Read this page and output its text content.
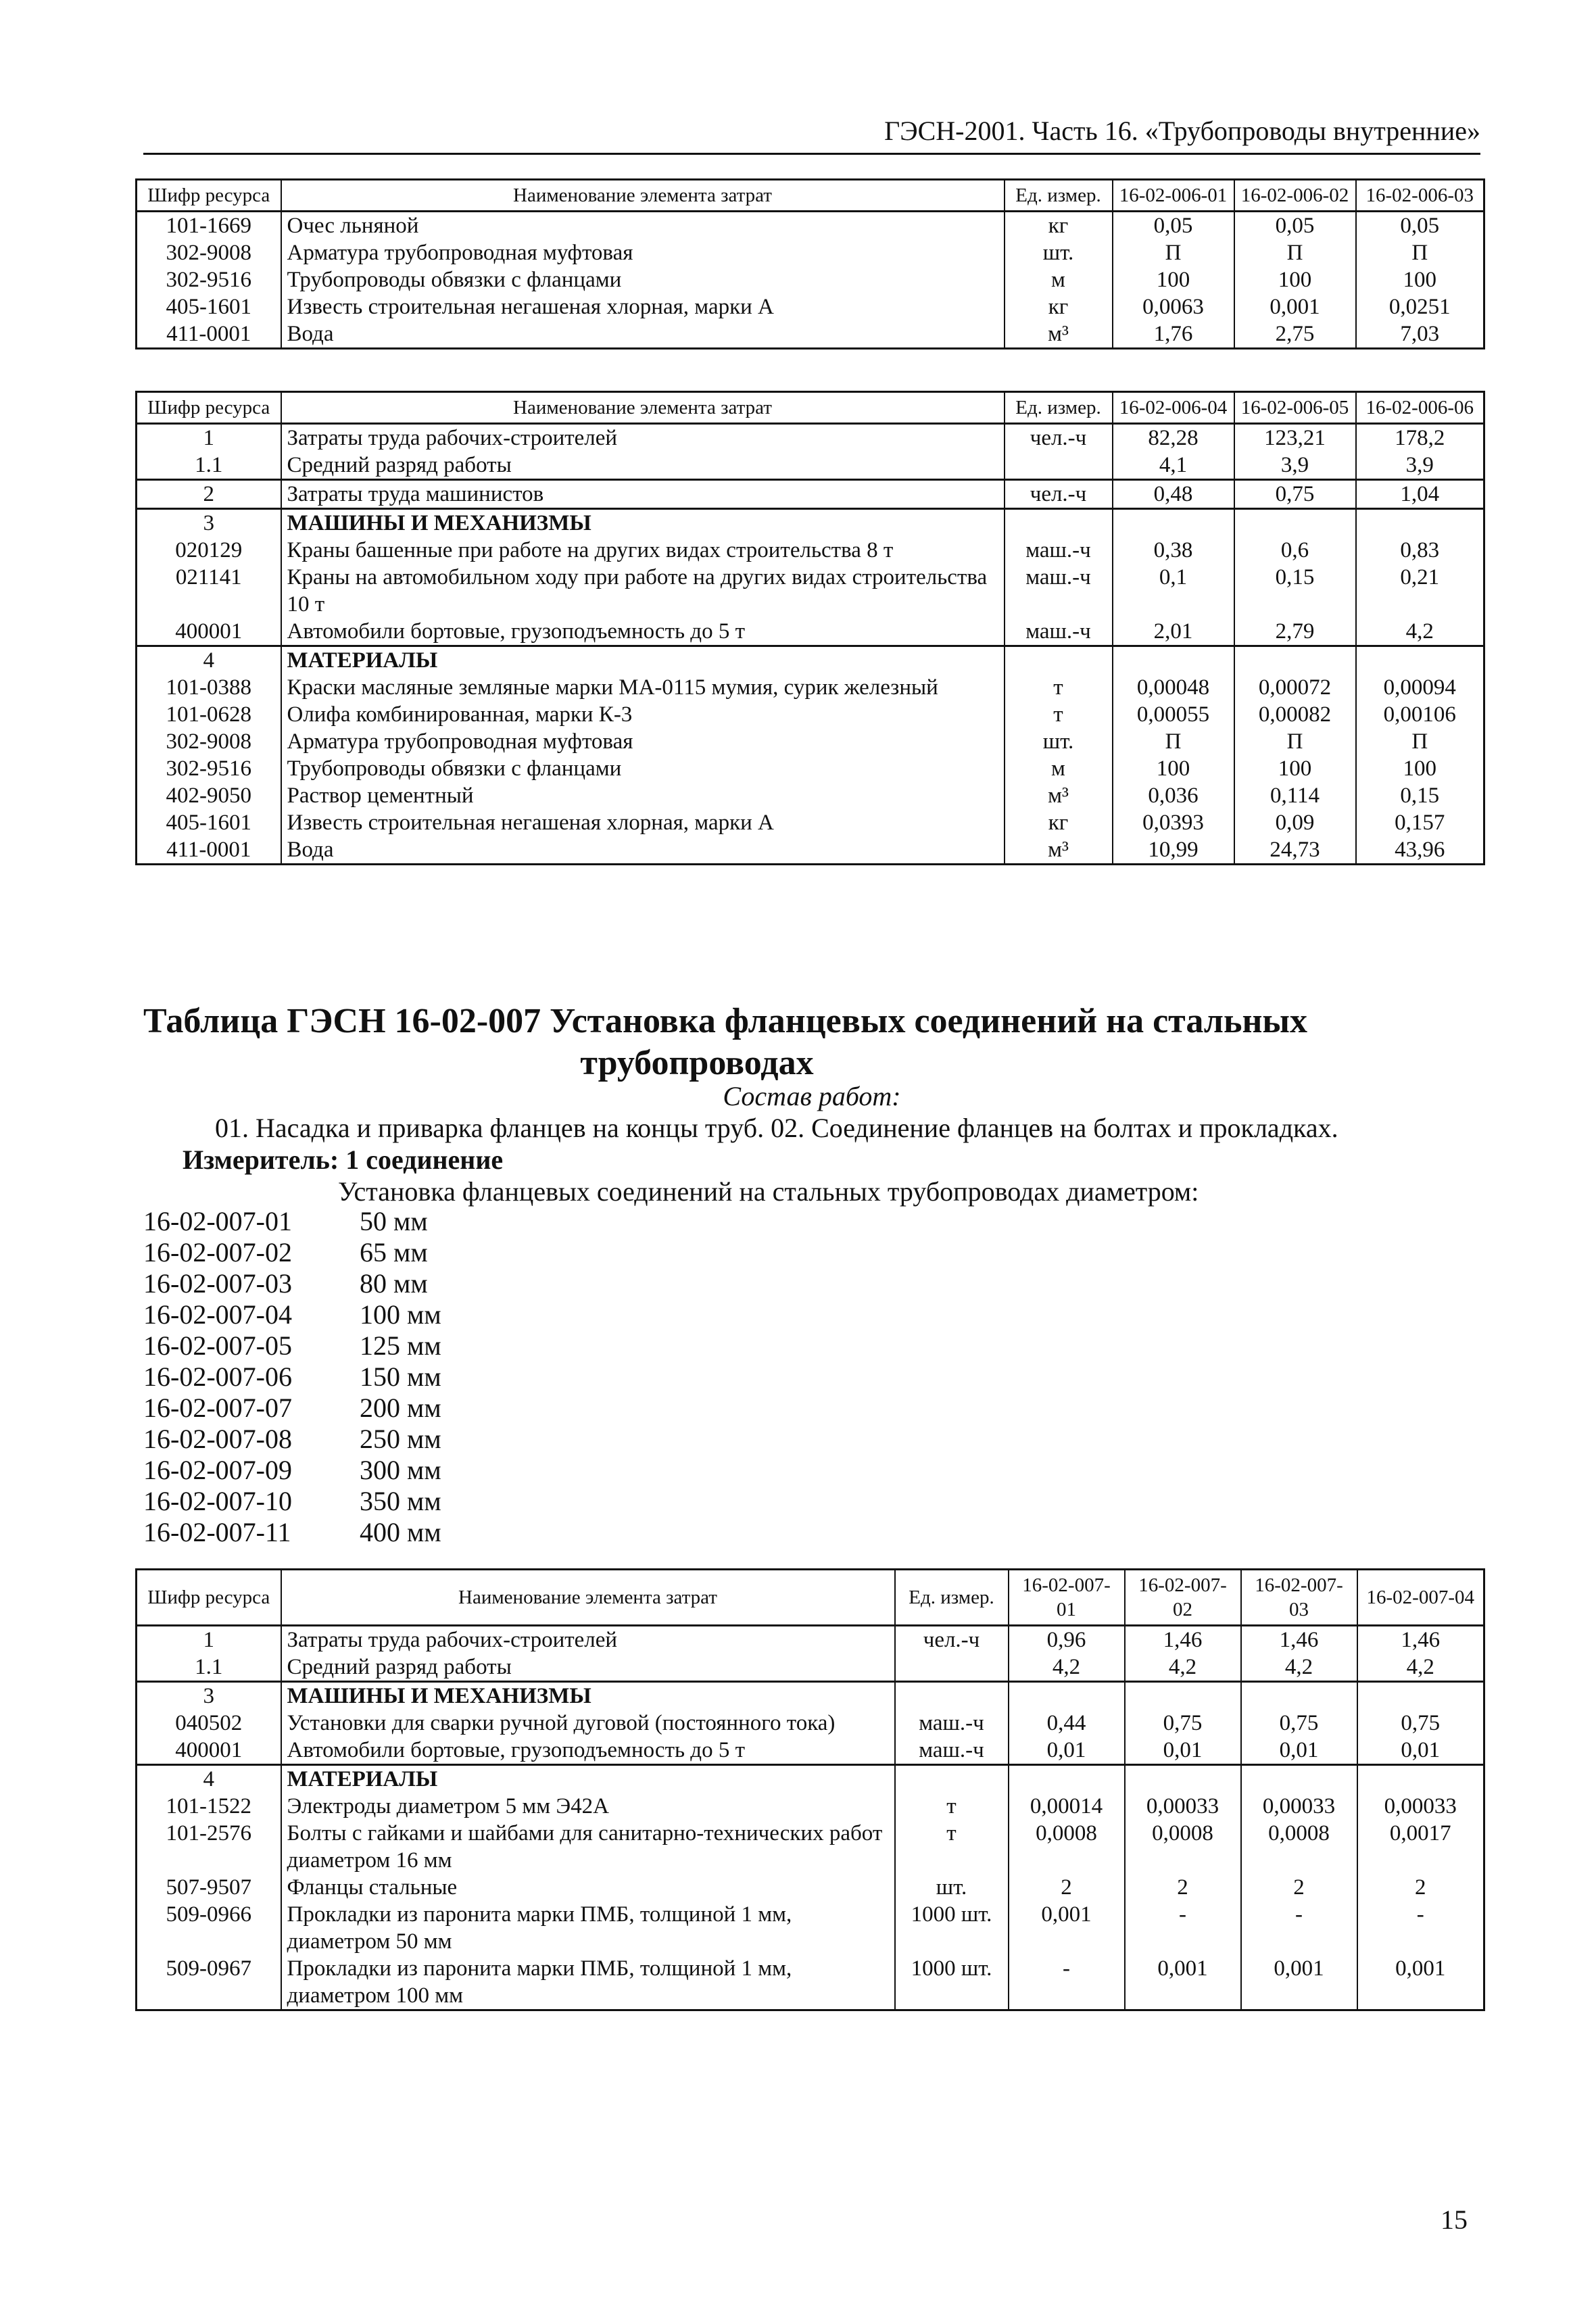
ГЭСН-2001. Часть 16. «Трубопроводы внутренние»
Шифр ресурса	Наименование элемента затрат	Ед. измер.	16-02-006-01	16-02-006-02	16-02-006-03
101-1669	Очес льняной	кг	0,05	0,05	0,05
302-9008	Арматура трубопроводная муфтовая	шт.	П	П	П
302-9516	Трубопроводы обвязки с фланцами	м	100	100	100
405-1601	Известь строительная негашеная хлорная, марки А	кг	0,0063	0,001	0,0251
411-0001	Вода	м³	1,76	2,75	7,03
Шифр ресурса	Наименование элемента затрат	Ед. измер.	16-02-006-04	16-02-006-05	16-02-006-06
1	Затраты труда рабочих-строителей	чел.-ч	82,28	123,21	178,2
1.1	Средний разряд работы		4,1	3,9	3,9
2	Затраты труда машинистов	чел.-ч	0,48	0,75	1,04
3	МАШИНЫ И МЕХАНИЗМЫ				
020129	Краны башенные при работе на других видах строительства 8 т	маш.-ч	0,38	0,6	0,83
021141	Краны на автомобильном ходу при работе на других видах строительства 10 т	маш.-ч	0,1	0,15	0,21
400001	Автомобили бортовые, грузоподъемность до 5 т	маш.-ч	2,01	2,79	4,2
4	МАТЕРИАЛЫ				
101-0388	Краски масляные земляные марки МА-0115 мумия, сурик железный	т	0,00048	0,00072	0,00094
101-0628	Олифа комбинированная, марки К-3	т	0,00055	0,00082	0,00106
302-9008	Арматура трубопроводная муфтовая	шт.	П	П	П
302-9516	Трубопроводы обвязки с фланцами	м	100	100	100
402-9050	Раствор цементный	м³	0,036	0,114	0,15
405-1601	Известь строительная негашеная хлорная, марки А	кг	0,0393	0,09	0,157
411-0001	Вода	м³	10,99	24,73	43,96
Таблица ГЭСН 16-02-007 Установка фланцевых соединений на стальных
трубопроводах
Состав работ:
01. Насадка и приварка фланцев на концы труб. 02. Соединение фланцев на болтах и прокладках.
Измеритель: 1 соединение
Установка фланцевых соединений на стальных трубопроводах диаметром:
16-02-007-01	50 мм
16-02-007-02	65 мм
16-02-007-03	80 мм
16-02-007-04	100 мм
16-02-007-05	125 мм
16-02-007-06	150 мм
16-02-007-07	200 мм
16-02-007-08	250 мм
16-02-007-09	300 мм
16-02-007-10	350 мм
16-02-007-11	400 мм
Шифр ресурса	Наименование элемента затрат	Ед. измер.	16-02-007-01	16-02-007-02	16-02-007-03	16-02-007-04
1	Затраты труда рабочих-строителей	чел.-ч	0,96	1,46	1,46	1,46
1.1	Средний разряд работы		4,2	4,2	4,2	4,2
3	МАШИНЫ И МЕХАНИЗМЫ					
040502	Установки для сварки ручной дуговой (постоянного тока)	маш.-ч	0,44	0,75	0,75	0,75
400001	Автомобили бортовые, грузоподъемность до 5 т	маш.-ч	0,01	0,01	0,01	0,01
4	МАТЕРИАЛЫ					
101-1522	Электроды диаметром 5 мм Э42А	т	0,00014	0,00033	0,00033	0,00033
101-2576	Болты с гайками и шайбами для санитарно-технических работ диаметром 16 мм	т	0,0008	0,0008	0,0008	0,0017
507-9507	Фланцы стальные	шт.	2	2	2	2
509-0966	Прокладки из паронита марки ПМБ, толщиной 1 мм, диаметром 50 мм	1000 шт.	0,001	-	-	-
509-0967	Прокладки из паронита марки ПМБ, толщиной 1 мм, диаметром 100 мм	1000 шт.	-	0,001	0,001	0,001
15
